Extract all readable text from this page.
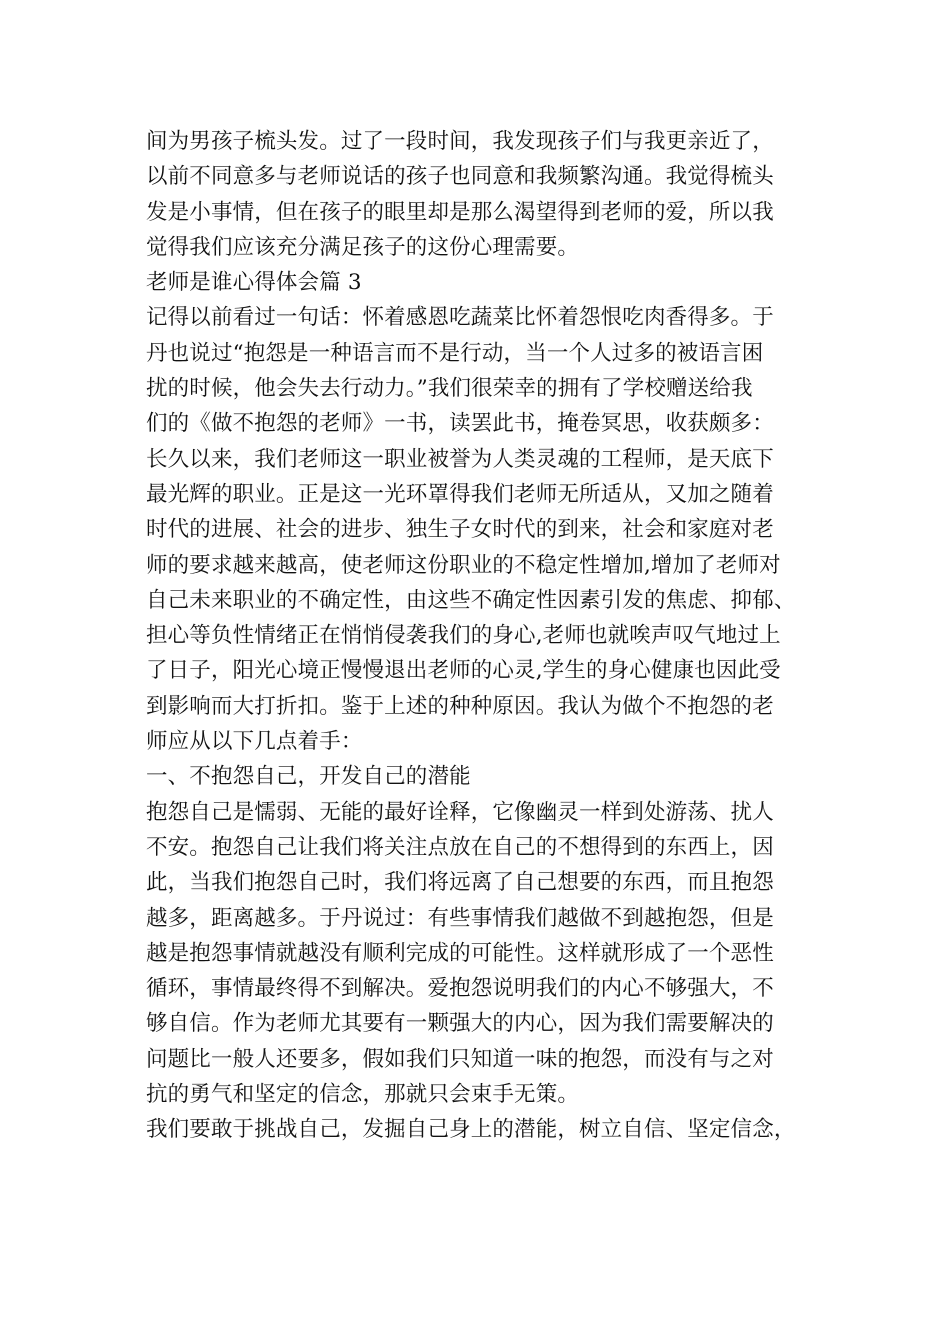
间为男孩子梳头发。过了一段时间，我发现孩子们与我更亲近了，
以前不同意多与老师说话的孩子也同意和我频繁沟通。我觉得梳头
发是小事情，但在孩子的眼里却是那么渴望得到老师的爱，所以我
觉得我们应该充分满足孩子的这份心理需要。
老师是谁心得体会篇 3
记得以前看过一句话：怀着感恩吃蔬菜比怀着怨恨吃肉香得多。于
丹也说过“抱怨是一种语言而不是行动，当一个人过多的被语言困
扰的时候，他会失去行动力。”我们很荣幸的拥有了学校赠送给我
们的《做不抱怨的老师》一书，读罢此书，掩卷冥思，收获颇多：
长久以来，我们老师这一职业被誉为人类灵魂的工程师，是天底下
最光辉的职业。正是这一光环罩得我们老师无所适从，又加之随着
时代的进展、社会的进步、独生子女时代的到来，社会和家庭对老
师的要求越来越高，使老师这份职业的不稳定性增加,增加了老师对
自己未来职业的不确定性，由这些不确定性因素引发的焦虑、抑郁、
担心等负性情绪正在悄悄侵袭我们的身心,老师也就唉声叹气地过上
了日子，阳光心境正慢慢退出老师的心灵,学生的身心健康也因此受
到影响而大打折扣。鉴于上述的种种原因。我认为做个不抱怨的老
师应从以下几点着手：
一、不抱怨自己，开发自己的潜能
抱怨自己是懦弱、无能的最好诠释，它像幽灵一样到处游荡、扰人
不安。抱怨自己让我们将关注点放在自己的不想得到的东西上，因
此，当我们抱怨自己时，我们将远离了自己想要的东西，而且抱怨
越多，距离越多。于丹说过：有些事情我们越做不到越抱怨，但是
越是抱怨事情就越没有顺利完成的可能性。这样就形成了一个恶性
循环，事情最终得不到解决。爱抱怨说明我们的内心不够强大，不
够自信。作为老师尤其要有一颗强大的内心，因为我们需要解决的
问题比一般人还要多，假如我们只知道一味的抱怨，而没有与之对
抗的勇气和坚定的信念，那就只会束手无策。
我们要敢于挑战自己，发掘自己身上的潜能，树立自信、坚定信念，
